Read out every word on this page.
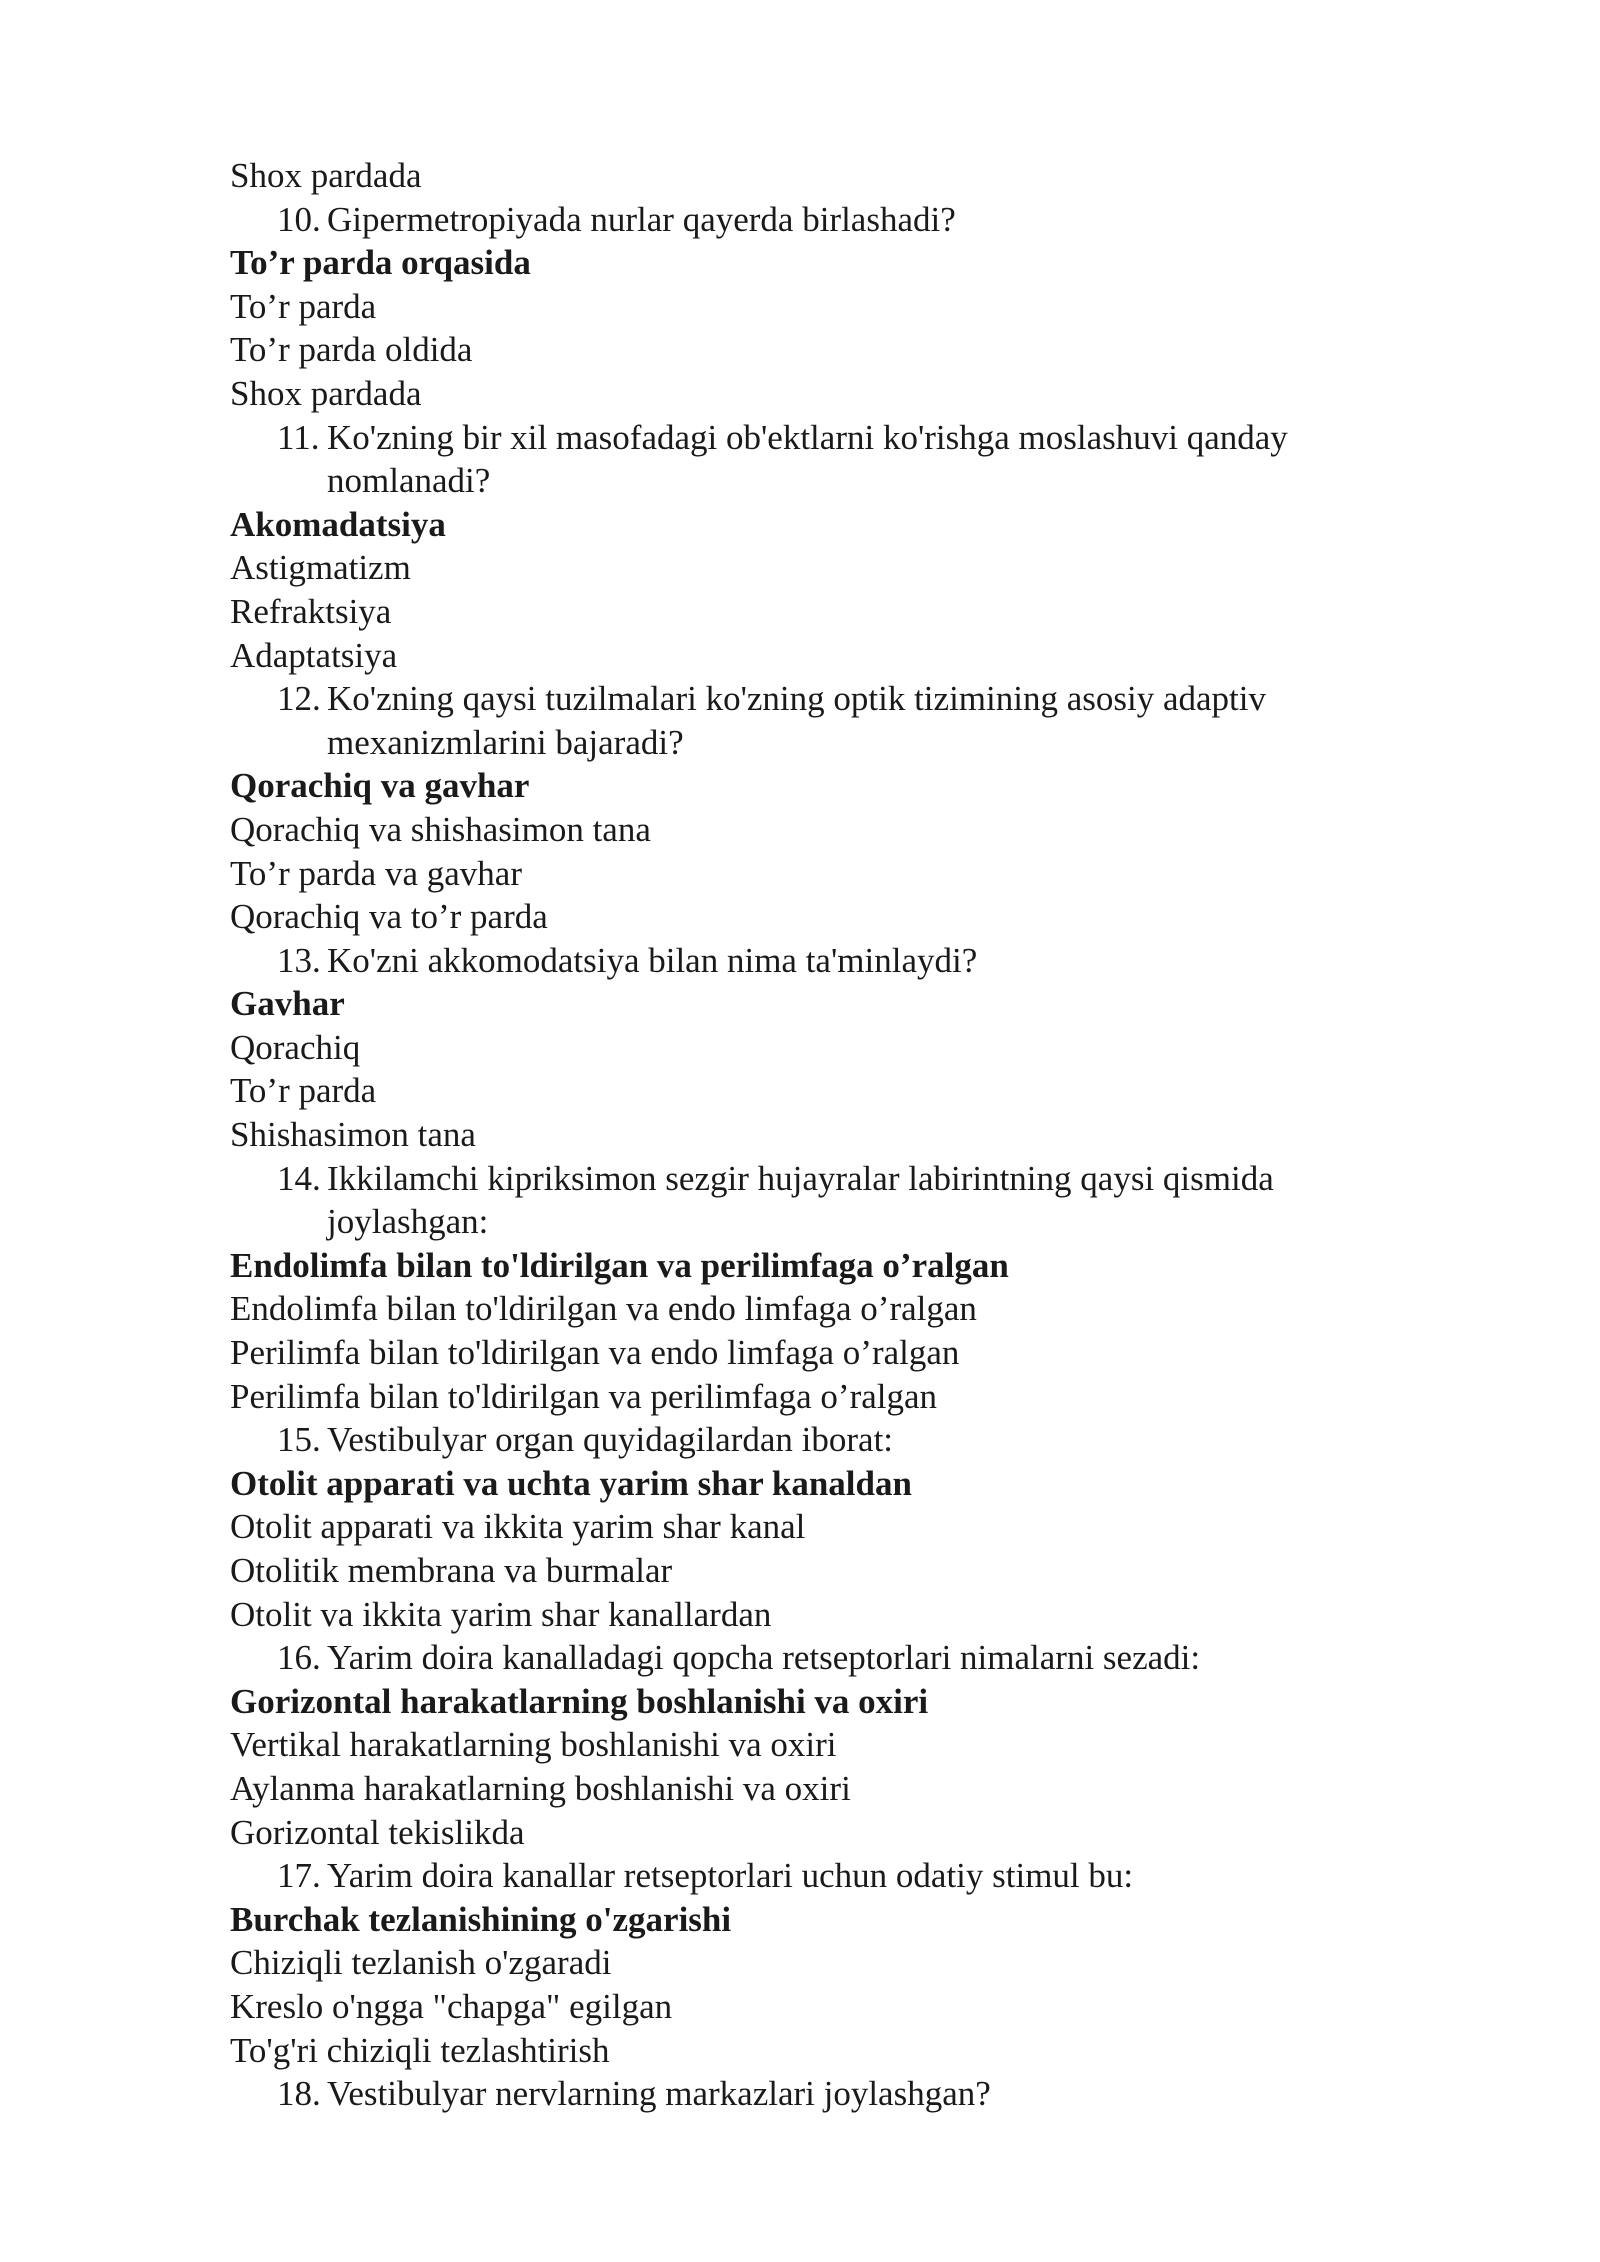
Shox pardada

10. Gipermetropiyada nurlar qayerda birlashadi?

To’r parda orqasida

To’r parda

To’r parda oldida

Shox pardada

11. Ko'zning bir xil masofadagi ob'ektlarni ko'rishga moslashuvi qanday nomlanadi?

Akomadatsiya

Astigmatizm

Refraktsiya

Adaptatsiya

12. Ko'zning qaysi tuzilmalari ko'zning optik tizimining asosiy adaptiv mexanizmlarini bajaradi?

Qorachiq va gavhar

Qorachiq va shishasimon tana

To’r parda va gavhar

Qorachiq va to’r parda

13. Ko'zni akkomodatsiya bilan nima ta'minlaydi?

Gavhar

Qorachiq

To’r parda

Shishasimon tana

14. Ikkilamchi kipriksimon sezgir hujayralar labirintning qaysi qismida joylashgan:

Endolimfa bilan to'ldirilgan va perilimfaga o’ralgan

Endolimfa bilan to'ldirilgan va endo limfaga o’ralgan

Perilimfa bilan to'ldirilgan va endo limfaga o’ralgan

Perilimfa bilan to'ldirilgan va perilimfaga o’ralgan

15. Vestibulyar organ quyidagilardan iborat:

Otolit apparati va uchta yarim shar kanaldan

Otolit apparati va ikkita yarim shar kanal

Otolitik membrana va burmalar

Otolit va ikkita yarim shar kanallardan

16. Yarim doira kanalladagi qopcha retseptorlari nimalarni sezadi:

Gorizontal harakatlarning boshlanishi va oxiri

Vertikal harakatlarning boshlanishi va oxiri

Aylanma harakatlarning boshlanishi va oxiri

Gorizontal tekislikda

17. Yarim doira kanallar retseptorlari uchun odatiy stimul bu:

Burchak tezlanishining o'zgarishi

Chiziqli tezlanish o'zgaradi

Kreslo o'ngga "chapga" egilgan

To'g'ri chiziqli tezlashtirish

18. Vestibulyar nervlarning markazlari joylashgan?
